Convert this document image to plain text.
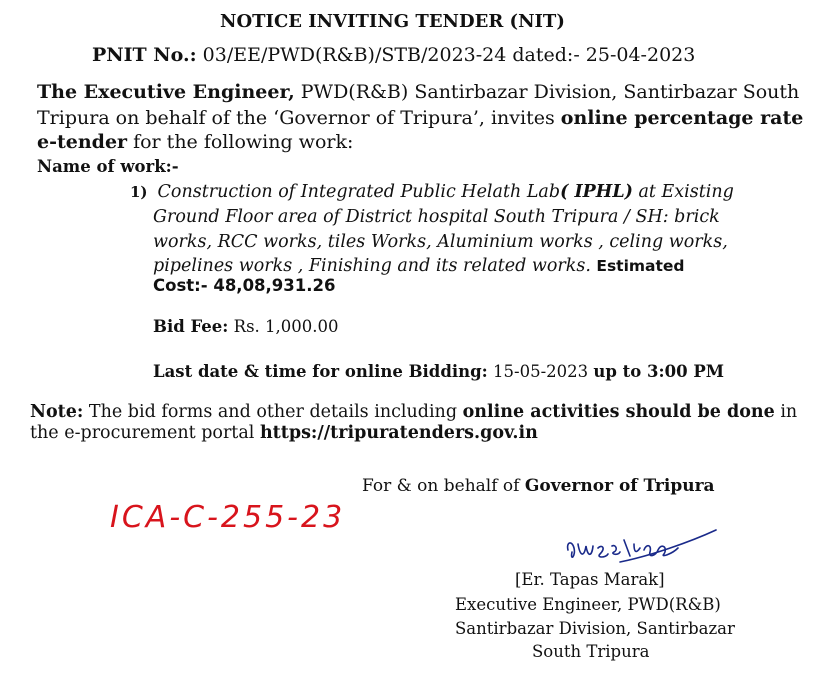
NOTICE INVITING TENDER (NIT)
PNIT No.: 03/EE/PWD(R&B)/STB/2023-24 dated:- 25-04-2023
The Executive Engineer, PWD(R&B) Santirbazar Division, Santirbazar South
Tripura on behalf of the ‘Governor of Tripura’, invites online percentage rate
e-tender for the following work:
Name of work:-
1) Construction of Integrated Public Helath Lab( IPHL) at Existing
Ground Floor area of District hospital South Tripura / SH: brick
works, RCC works, tiles Works, Aluminium works , celing works,
pipelines works , Finishing and its related works. Estimated
Cost:- 48,08,931.26
Bid Fee: Rs. 1,000.00
Last date & time for online Bidding: 15-05-2023 up to 3:00 PM
Note: The bid forms and other details including online activities should be done in
the e-procurement portal https://tripuratenders.gov.in
For & on behalf of Governor of Tripura
ICA-C-255-23
[Er. Tapas Marak]
Executive Engineer, PWD(R&B)
Santirbazar Division, Santirbazar
South Tripura
